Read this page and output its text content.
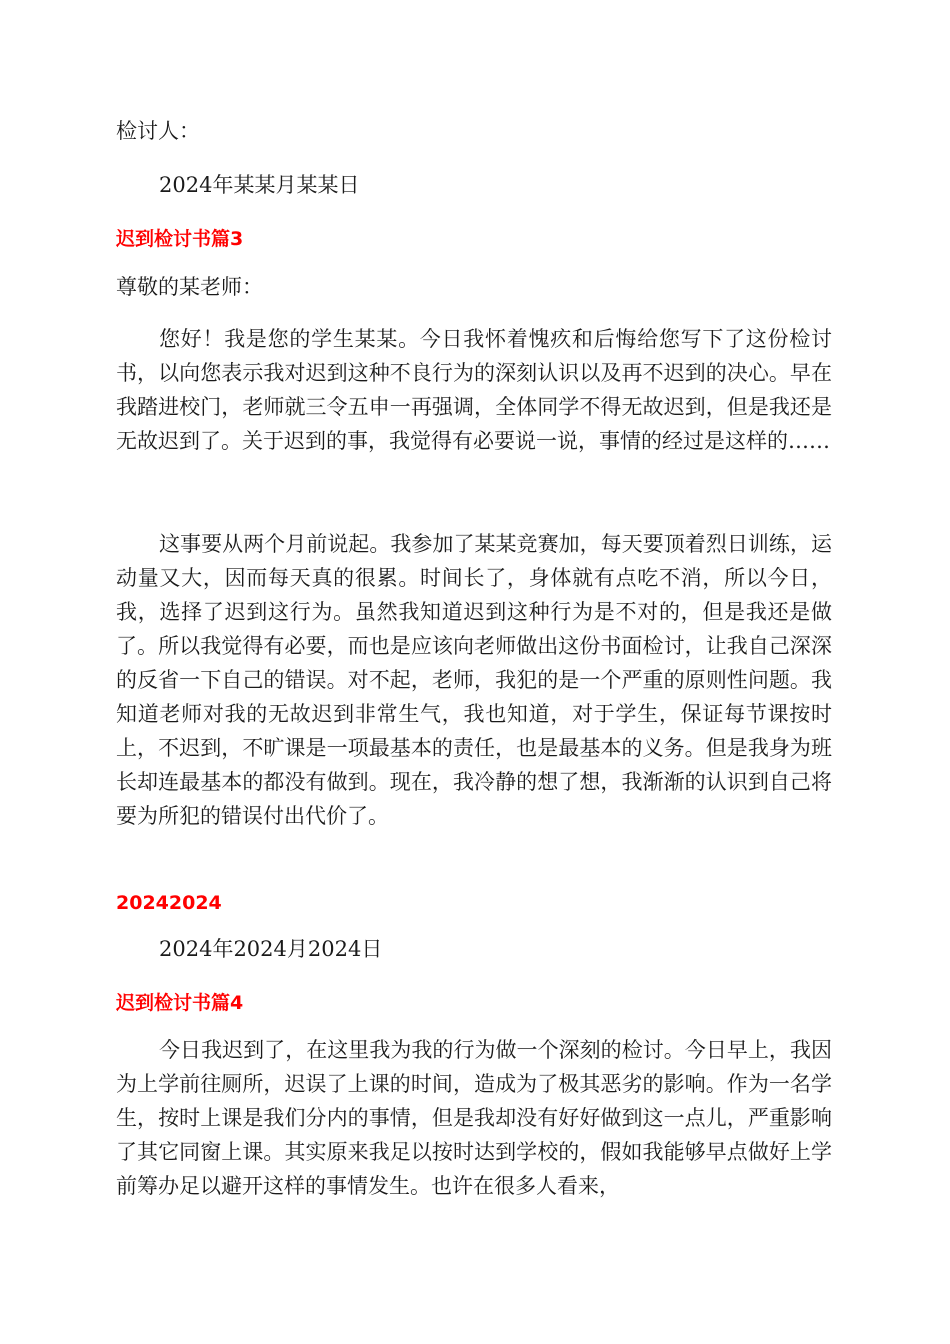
检讨人：

2024年某某月某某日

迟到检讨书篇3

尊敬的某老师：

您好！我是您的学生某某。今日我怀着愧疚和后悔给您写下了这份检讨书，以向您表示我对迟到这种不良行为的深刻认识以及再不迟到的决心。早在我踏进校门，老师就三令五申一再强调，全体同学不得无故迟到，但是我还是无故迟到了。关于迟到的事，我觉得有必要说一说，事情的经过是这样的……

这事要从两个月前说起。我参加了某某竞赛加，每天要顶着烈日训练，运动量又大，因而每天真的很累。时间长了，身体就有点吃不消，所以今日，我，选择了迟到这行为。虽然我知道迟到这种行为是不对的，但是我还是做了。所以我觉得有必要，而也是应该向老师做出这份书面检讨，让我自己深深的反省一下自己的错误。对不起，老师，我犯的是一个严重的原则性问题。我知道老师对我的无故迟到非常生气，我也知道，对于学生，保证每节课按时上，不迟到，不旷课是一项最基本的责任，也是最基本的义务。但是我身为班长却连最基本的都没有做到。现在，我冷静的想了想，我渐渐的认识到自己将要为所犯的错误付出代价了。

20242024

2024年2024月2024日

迟到检讨书篇4

今日我迟到了，在这里我为我的行为做一个深刻的检讨。今日早上，我因为上学前往厕所，迟误了上课的时间，造成为了极其恶劣的影响。作为一名学生，按时上课是我们分内的事情，但是我却没有好好做到这一点儿，严重影响了其它同窗上课。其实原来我足以按时达到学校的，假如我能够早点做好上学前筹办足以避开这样的事情发生。也许在很多人看来，
